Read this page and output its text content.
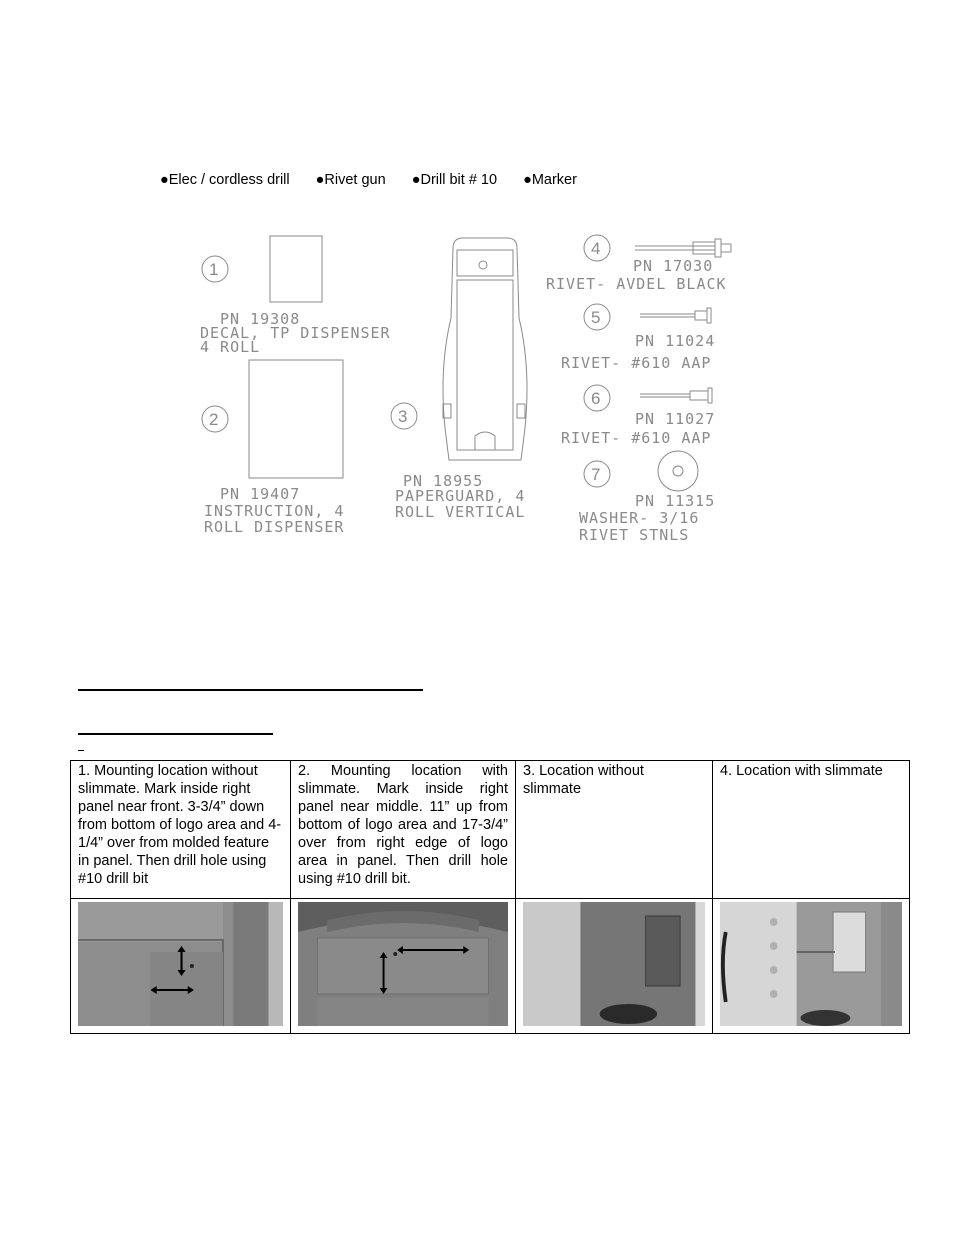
●Elec / cordless drill ●Rivet gun ●Drill bit # 10 ●Marker
1
PN 19308
DECAL, TP DISPENSER
4 ROLL
2
PN 19407
INSTRUCTION, 4
ROLL DISPENSER
3
PN 18955
PAPERGUARD, 4
ROLL VERTICAL
4
PN 17030
RIVET- AVDEL BLACK
5
PN 11024
RIVET- #610 AAP
6
PN 11027
RIVET- #610 AAP
7
PN 11315
WASHER- 3/16
RIVET STNLS
1. Mounting location without slimmate. Mark inside right panel near front. 3-3/4” down from bottom of logo area and 4-1/4” over from molded feature in panel. Then drill hole using #10 drill bit	2. Mounting location with slimmate. Mark inside right panel near middle. 11” up from bottom of logo area and 17-3/4” over from right edge of logo area in panel. Then drill hole using #10 drill bit.	3. Location without slimmate	4. Location with slimmate
